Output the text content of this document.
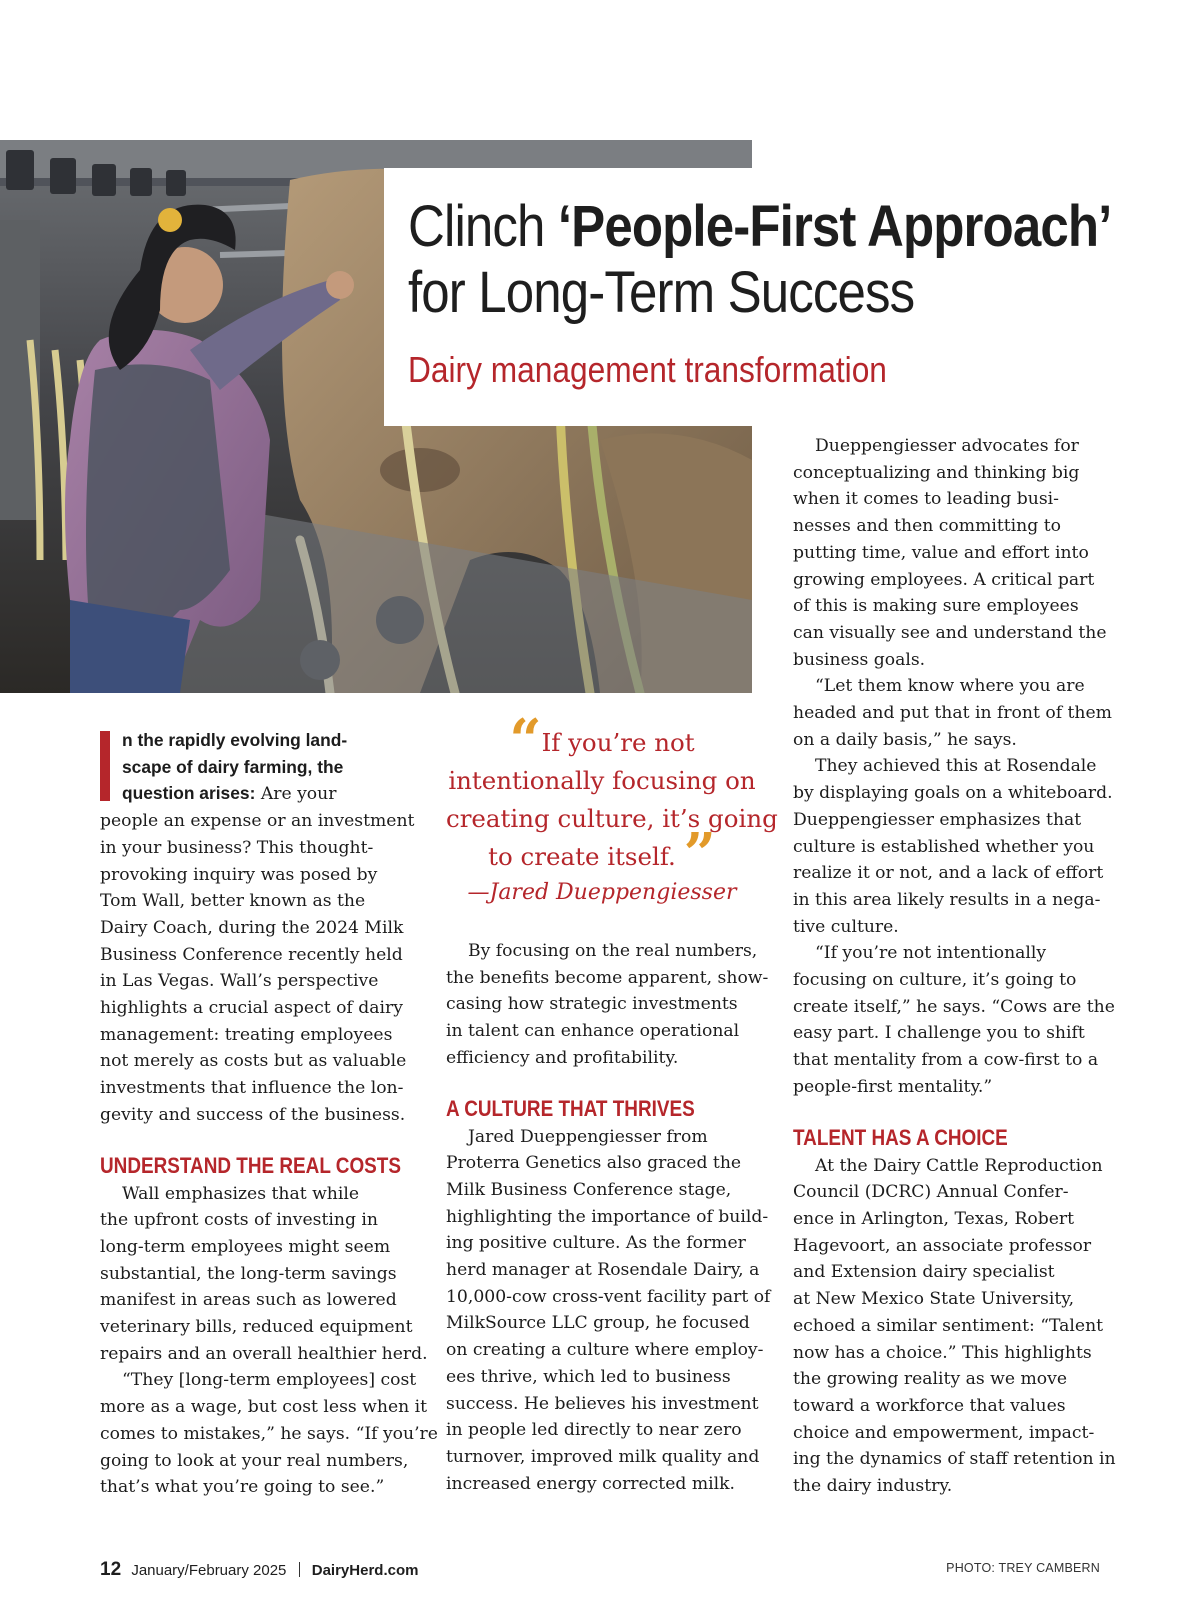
Clinch ‘People-First Approach’
for Long-Term Success
Dairy management transformation

n the rapidly evolving land-

scape of dairy farming, the

question arises: Are your

people an expense or an investment

in your business? This thought-

provoking inquiry was posed by

Tom Wall, better known as the

Dairy Coach, during the 2024 Milk

Business Conference recently held

in Las Vegas. Wall’s perspective

highlights a crucial aspect of dairy

management: treating employees

not merely as costs but as valuable

investments that influence the lon-

gevity and success of the business.

UNDERSTAND THE REAL COSTS

Wall emphasizes that while

the upfront costs of investing in

long-term employees might seem

substantial, the long-term savings

manifest in areas such as lowered

veterinary bills, reduced equipment

repairs and an overall healthier herd.

“They [long-term employees] cost

more as a wage, but cost less when it

comes to mistakes,” he says. “If you’re

going to look at your real numbers,

that’s what you’re going to see.”

“If you’re not

intentionally focusing on

creating culture, it’s going

to create itself. ”

—Jared Dueppengiesser

By focusing on the real numbers,

the benefits become apparent, show-

casing how strategic investments

in talent can enhance operational

efficiency and profitability.

A CULTURE THAT THRIVES

Jared Dueppengiesser from

Proterra Genetics also graced the

Milk Business Conference stage,

highlighting the importance of build-

ing positive culture. As the former

herd manager at Rosendale Dairy, a

10,000-cow cross-vent facility part of

MilkSource LLC group, he focused

on creating a culture where employ-

ees thrive, which led to business

success. He believes his investment

in people led directly to near zero

turnover, improved milk quality and

increased energy corrected milk.

Dueppengiesser advocates for

conceptualizing and thinking big

when it comes to leading busi-

nesses and then committing to

putting time, value and effort into

growing employees. A critical part

of this is making sure employees

can visually see and understand the

business goals.

“Let them know where you are

headed and put that in front of them

on a daily basis,” he says.

They achieved this at Rosendale

by displaying goals on a whiteboard.

Dueppengiesser emphasizes that

culture is established whether you

realize it or not, and a lack of effort

in this area likely results in a nega-

tive culture.

“If you’re not intentionally

focusing on culture, it’s going to

create itself,” he says. “Cows are the

easy part. I challenge you to shift

that mentality from a cow-first to a

people-first mentality.”

TALENT HAS A CHOICE

At the Dairy Cattle Reproduction

Council (DCRC) Annual Confer-

ence in Arlington, Texas, Robert

Hagevoort, an associate professor

and Extension dairy specialist

at New Mexico State University,

echoed a similar sentiment: “Talent

now has a choice.” This highlights

the growing reality as we move

toward a workforce that values

choice and empowerment, impact-

ing the dynamics of staff retention in

the dairy industry.

12 January/February 2025 DairyHerd.com	PHOTO: TREY CAMBERN
